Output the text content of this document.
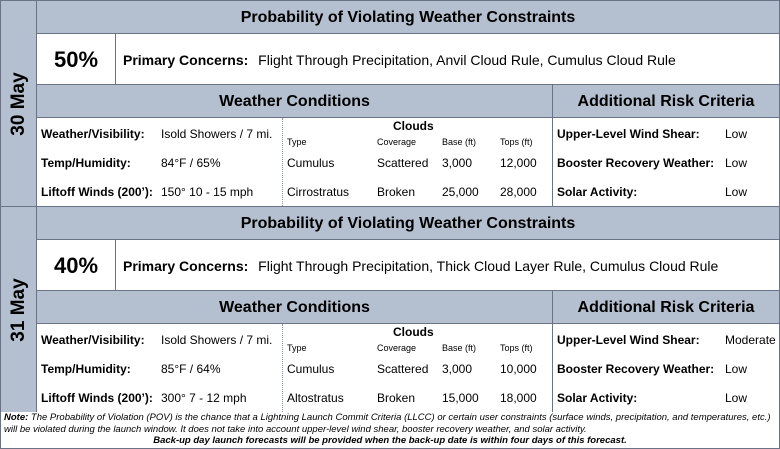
30 May
Probability of Violating Weather Constraints
50%	Primary Concerns: Flight Through Precipitation, Anvil Cloud Rule, Cumulus Cloud Rule
Weather Conditions	Additional Risk Criteria
Weather/Visibility: Isold Showers / 7 mi.
Temp/Humidity:	84°F / 65%
Liftoff Winds (200’): 150° 10 - 15 mph
Clouds
Type	Coverage	Base (ft)	Tops (ft)
Cumulus	Scattered 3,000 12,000
Cirrostratus Broken 25,000 28,000
Upper-Level Wind Shear: Low
Booster Recovery Weather: Low
Solar Activity:	Low
31 May
Probability of Violating Weather Constraints
40%	Primary Concerns: Flight Through Precipitation, Thick Cloud Layer Rule, Cumulus Cloud Rule
Weather Conditions	Additional Risk Criteria
Weather/Visibility: Isold Showers / 7 mi.
Temp/Humidity:	85°F / 64%
Liftoff Winds (200’): 300° 7 - 12 mph
Clouds
Type	Coverage	Base (ft)	Tops (ft)
Cumulus	Scattered 3,000 10,000
Altostratus	Broken 15,000 18,000
Upper-Level Wind Shear: Moderate
Booster Recovery Weather: Low
Solar Activity:	Low
Note: The Probability of Violation (POV) is the chance that a Lightning Launch Commit Criteria (LLCC) or certain user constraints (surface winds, precipitation, and temperatures, etc.) will be violated during the launch window. It does not take into account upper-level wind shear, booster recovery weather, and solar activity.
Back-up day launch forecasts will be provided when the back-up date is within four days of this forecast.
